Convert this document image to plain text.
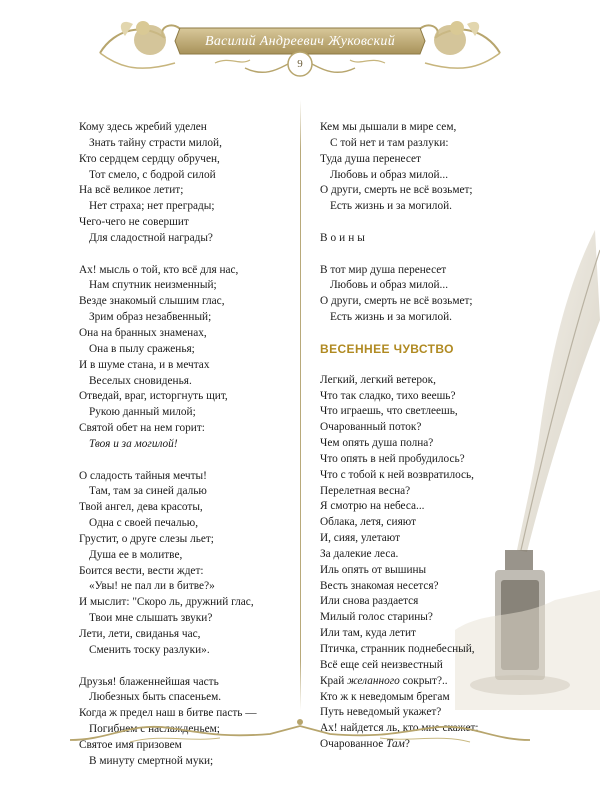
Василий Андреевич Жуковский
9
Кому здесь жребий уделен
Знать тайну страсти милой,
Кто сердцем сердцу обручен,
Тот смело, с бодрой силой
На всё великое летит;
Нет страха; нет преграды;
Чего-чего не совершит
Для сладостной награды?
Ах! мысль о той, кто всё для нас,
Нам спутник неизменный;
Везде знакомый слышим глас,
Зрим образ незабвенный;
Она на бранных знаменах,
Она в пылу сраженья;
И в шуме стана, и в мечтах
Веселых сновиденья.
Отведай, враг, исторгнуть щит,
Рукою данный милой;
Святой обет на нем горит:
Твоя и за могилой!
О сладость тайныя мечты!
Там, там за синей далью
Твой ангел, дева красоты,
Одна с своей печалью,
Грустит, о друге слезы льет;
Душа ее в молитве,
Боится вести, вести ждет:
«Увы! не пал ли в битве?»
И мыслит: "Скоро ль, дружний глас,
Твои мне слышать звуки?
Лети, лети, свиданья час,
Сменить тоску разлуки».
Друзья! блаженнейшая часть
Любезных быть спасеньем.
Когда ж предел наш в битве пасть —
Погибнем с наслажденьем;
Святое имя призовем
В минуту смертной муки;
Кем мы дышали в мире сем,
С той нет и там разлуки:
Туда душа перенесет
Любовь и образ милой...
О други, смерть не всё возьмет;
Есть жизнь и за могилой.
Воины
В тот мир душа перенесет
Любовь и образ милой...
О други, смерть не всё возьмет;
Есть жизнь и за могилой.
ВЕСЕННЕЕ ЧУВСТВО
Легкий, легкий ветерок,
Что так сладко, тихо веешь?
Что играешь, что светлеешь,
Очарованный поток?
Чем опять душа полна?
Что опять в ней пробудилось?
Что с тобой к ней возвратилось,
Перелетная весна?
Я смотрю на небеса...
Облака, летя, сияют
И, сияя, улетают
За далекие леса.
Иль опять от вышины
Весть знакомая несется?
Или снова раздается
Милый голос старины?
Или там, куда летит
Птичка, странник поднебесный,
Всё еще сей неизвестный
Край желанного сокрыт?..
Кто ж к неведомым брегам
Путь неведомый укажет?
Ах! найдется ль, кто мне скажет:
Очарованное Там?
